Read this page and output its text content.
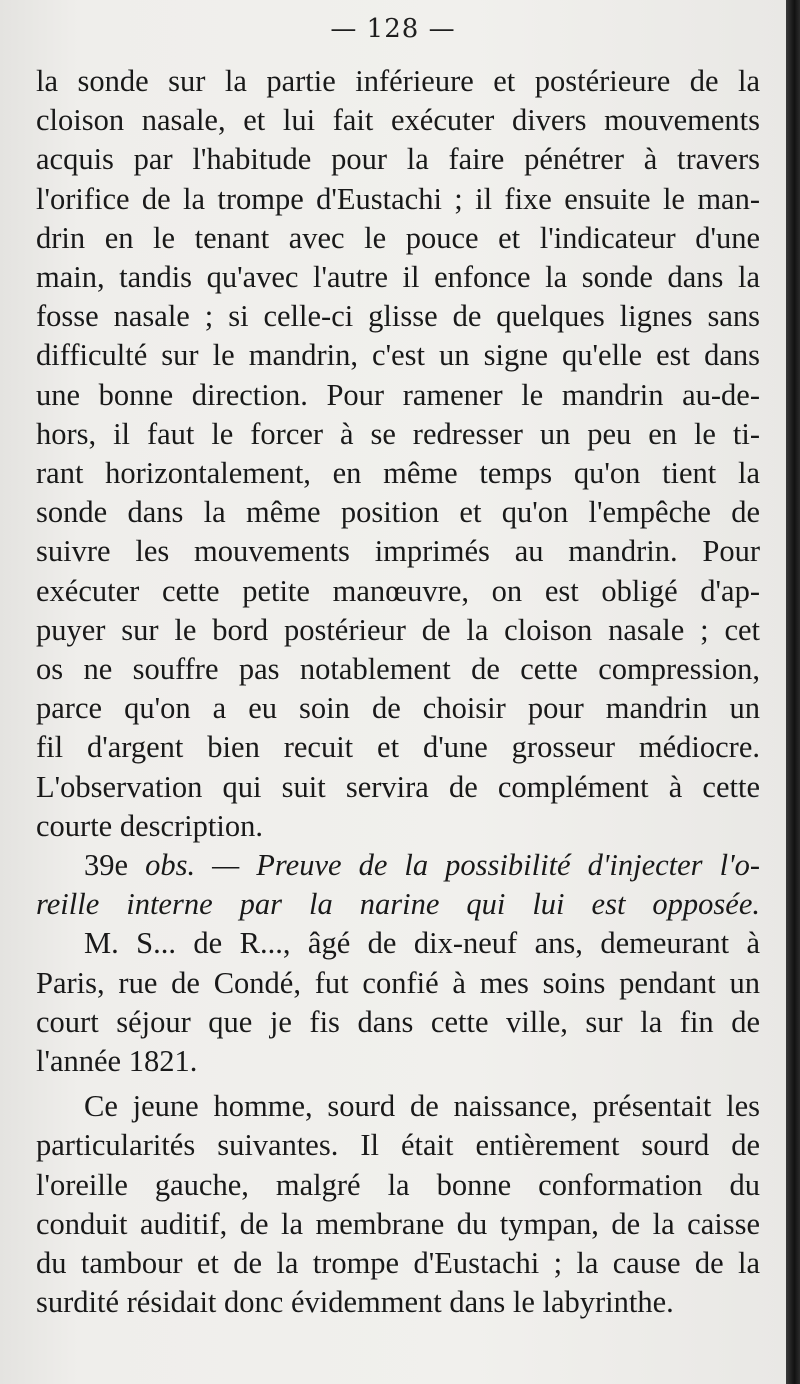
— 128 —
la sonde sur la partie inférieure et postérieure de la
cloison nasale, et lui fait exécuter divers mouvements
acquis par l'habitude pour la faire pénétrer à travers
l'orifice de la trompe d'Eustachi ; il fixe ensuite le man-
drin en le tenant avec le pouce et l'indicateur d'une
main, tandis qu'avec l'autre il enfonce la sonde dans la
fosse nasale ; si celle-ci glisse de quelques lignes sans
difficulté sur le mandrin, c'est un signe qu'elle est dans
une bonne direction. Pour ramener le mandrin au-de-
hors, il faut le forcer à se redresser un peu en le ti-
rant horizontalement, en même temps qu'on tient la
sonde dans la même position et qu'on l'empêche de
suivre les mouvements imprimés au mandrin. Pour
exécuter cette petite manœuvre, on est obligé d'ap-
puyer sur le bord postérieur de la cloison nasale ; cet
os ne souffre pas notablement de cette compression,
parce qu'on a eu soin de choisir pour mandrin un
fil d'argent bien recuit et d'une grosseur médiocre.
L'observation qui suit servira de complément à cette
courte description.
39e obs. — Preuve de la possibilité d'injecter l'o-
reille interne par la narine qui lui est opposée.
M. S... de R..., âgé de dix-neuf ans, demeurant à
Paris, rue de Condé, fut confié à mes soins pendant un
court séjour que je fis dans cette ville, sur la fin de
l'année 1821.
Ce jeune homme, sourd de naissance, présentait les
particularités suivantes. Il était entièrement sourd de
l'oreille gauche, malgré la bonne conformation du
conduit auditif, de la membrane du tympan, de la caisse
du tambour et de la trompe d'Eustachi ; la cause de la
surdité résidait donc évidemment dans le labyrinthe.
